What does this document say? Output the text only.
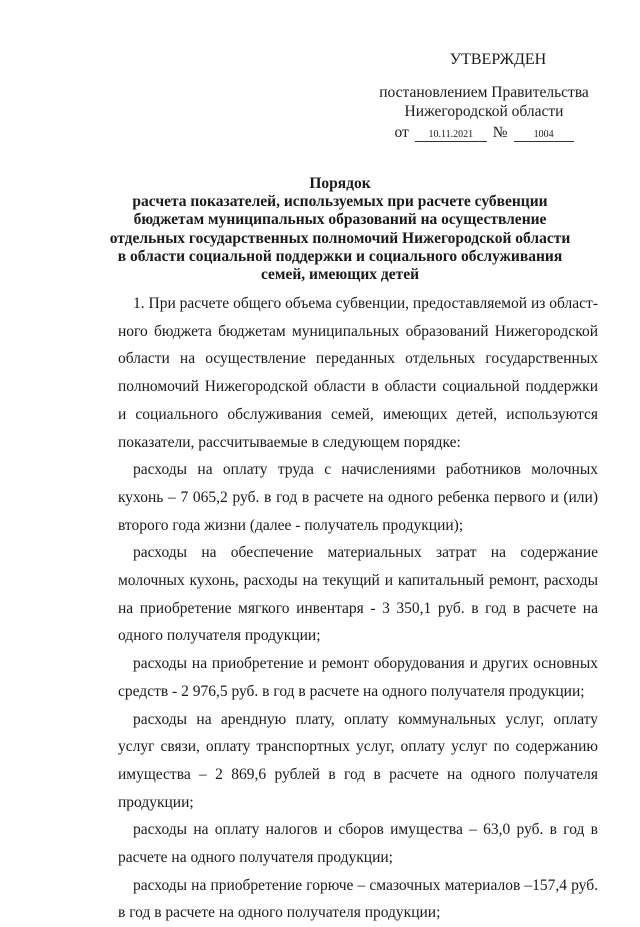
УТВЕРЖДЕН
постановлением Правительства
Нижегородской области
от	10.11.2021	№	1004
Порядок
расчета показателей, используемых при расчете субвенции
бюджетам муниципальных образований на осуществление
отдельных государственных полномочий Нижегородской области
в области социальной поддержки и социального обслуживания
семей, имеющих детей

1. При расчете общего объема субвенции, предоставляемой из областного бюджета бюджетам муниципальных образований Нижегородской области на осуществление переданных отдельных государственных полномочий Нижегородской области в области социальной поддержки и социального обслуживания семей, имеющих детей, используются показатели, рассчитываемые в следующем порядке:

расходы на оплату труда с начислениями работников молочных кухонь – 7 065,2 руб. в год в расчете на одного ребенка первого и (или) второго года жизни (далее - получатель продукции);

расходы на обеспечение материальных затрат на содержание молочных кухонь, расходы на текущий и капитальный ремонт, расходы на приобретение мягкого инвентаря - 3 350,1 руб. в год в расчете на одного получателя продукции;

расходы на приобретение и ремонт оборудования и других основных средств - 2 976,5 руб. в год в расчете на одного получателя продукции;

расходы на арендную плату, оплату коммунальных услуг, оплату услуг связи, оплату транспортных услуг, оплату услуг по содержанию имущества – 2 869,6 рублей в год в расчете на одного получателя продукции;

расходы на оплату налогов и сборов имущества – 63,0 руб. в год в расчете на одного получателя продукции;

расходы на приобретение горюче – смазочных материалов –157,4 руб. в год в расчете на одного получателя продукции;
